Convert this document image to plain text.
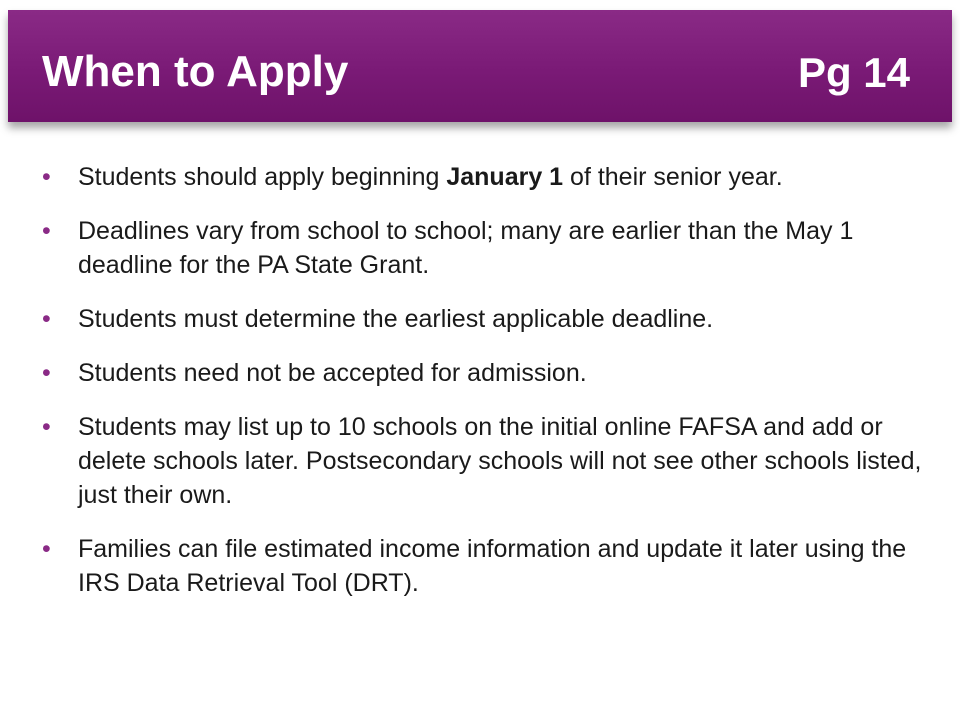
When to Apply	Pg 14
• Students should apply beginning January 1 of their senior year.
• Deadlines vary from school to school; many are earlier than the May 1 deadline for the PA State Grant.
• Students must determine the earliest applicable deadline.
• Students need not be accepted for admission.
• Students may list up to 10 schools on the initial online FAFSA and add or delete schools later. Postsecondary schools will not see other schools listed, just their own.
• Families can file estimated income information and update it later using the IRS Data Retrieval Tool (DRT).
